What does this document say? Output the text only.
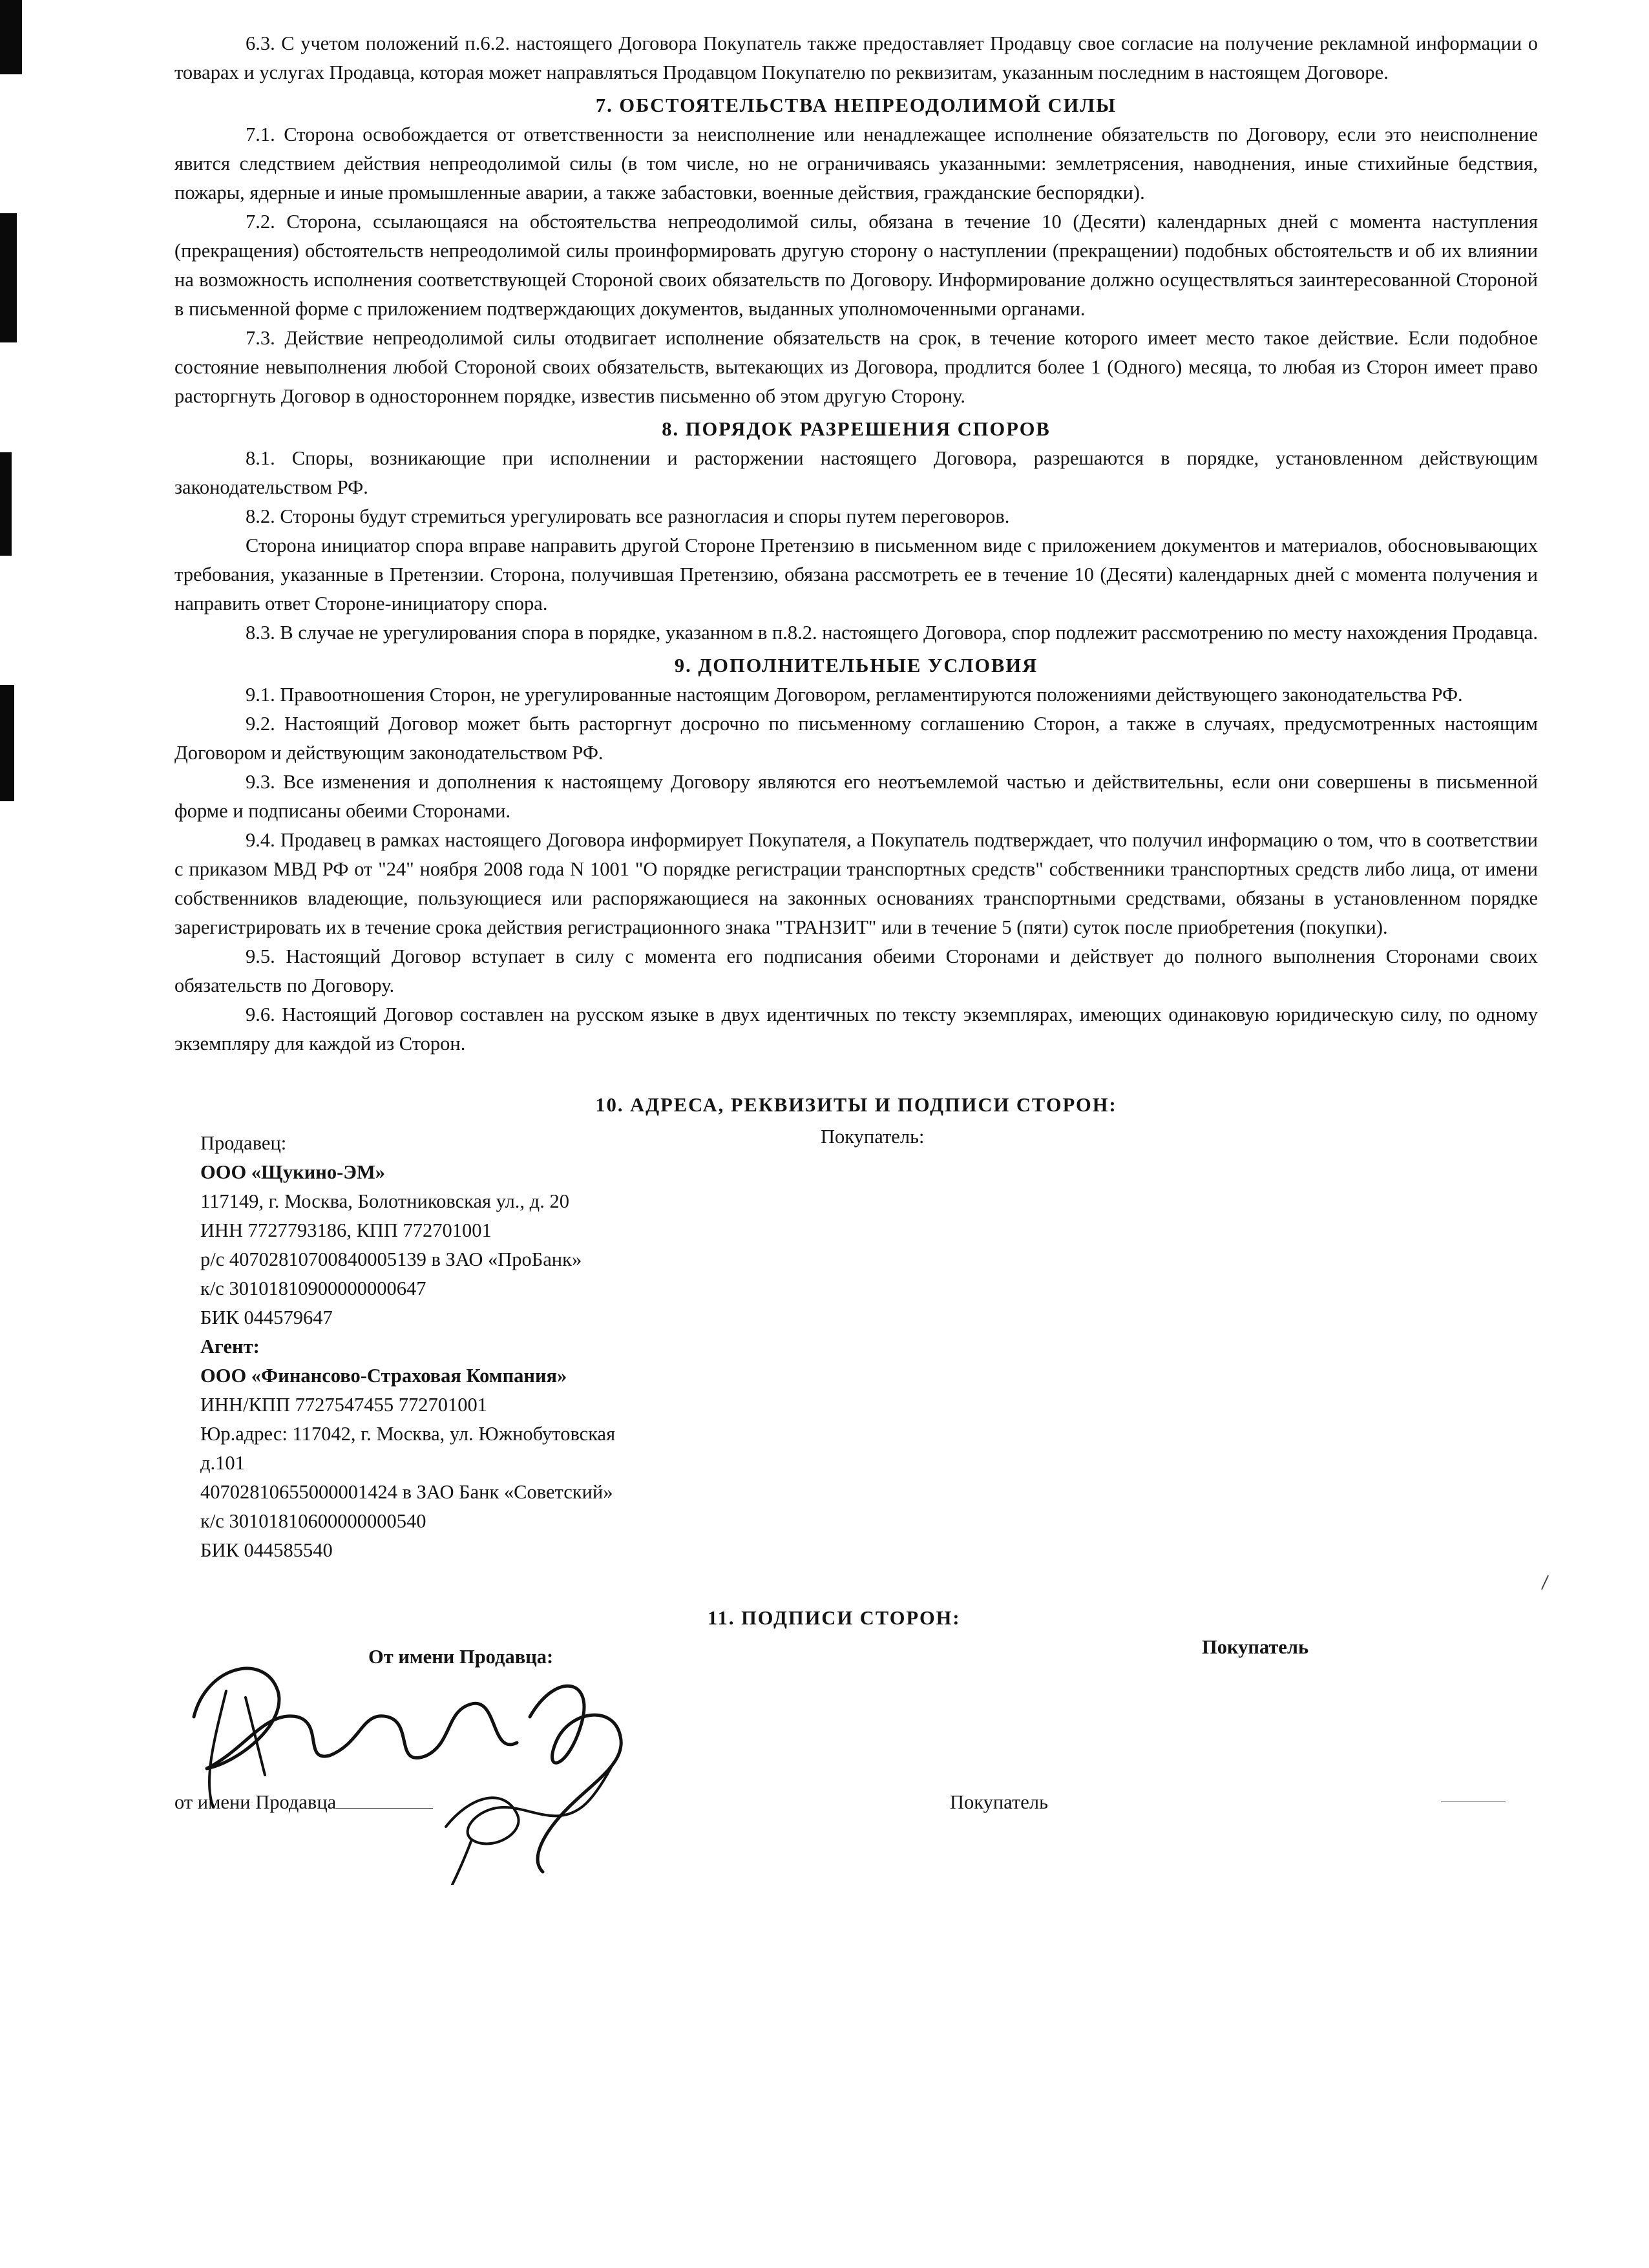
6.3. С учетом положений п.6.2. настоящего Договора Покупатель также предоставляет Продавцу свое согласие на получение рекламной информации о товарах и услугах Продавца, которая может направляться Продавцом Покупателю по реквизитам, указанным последним в настоящем Договоре.

7. ОБСТОЯТЕЛЬСТВА НЕПРЕОДОЛИМОЙ СИЛЫ

7.1. Сторона освобождается от ответственности за неисполнение или ненадлежащее исполнение обязательств по Договору, если это неисполнение явится следствием действия непреодолимой силы (в том числе, но не ограничиваясь указанными: землетрясения, наводнения, иные стихийные бедствия, пожары, ядерные и иные промышленные аварии, а также забастовки, военные действия, гражданские беспорядки).

7.2. Сторона, ссылающаяся на обстоятельства непреодолимой силы, обязана в течение 10 (Десяти) календарных дней с момента наступления (прекращения) обстоятельств непреодолимой силы проинформировать другую сторону о наступлении (прекращении) подобных обстоятельств и об их влиянии на возможность исполнения соответствующей Стороной своих обязательств по Договору. Информирование должно осуществляться заинтересованной Стороной в письменной форме с приложением подтверждающих документов, выданных уполномоченными органами.

7.3. Действие непреодолимой силы отодвигает исполнение обязательств на срок, в течение которого имеет место такое действие. Если подобное состояние невыполнения любой Стороной своих обязательств, вытекающих из Договора, продлится более 1 (Одного) месяца, то любая из Сторон имеет право расторгнуть Договор в одностороннем порядке, известив письменно об этом другую Сторону.

8. ПОРЯДОК РАЗРЕШЕНИЯ СПОРОВ

8.1. Споры, возникающие при исполнении и расторжении настоящего Договора, разрешаются в порядке, установленном действующим законодательством РФ.

8.2. Стороны будут стремиться урегулировать все разногласия и споры путем переговоров.

Сторона инициатор спора вправе направить другой Стороне Претензию в письменном виде с приложением документов и материалов, обосновывающих требования, указанные в Претензии. Сторона, получившая Претензию, обязана рассмотреть ее в течение 10 (Десяти) календарных дней с момента получения и направить ответ Стороне-инициатору спора.

8.3. В случае не урегулирования спора в порядке, указанном в п.8.2. настоящего Договора, спор подлежит рассмотрению по месту нахождения Продавца.

9. ДОПОЛНИТЕЛЬНЫЕ УСЛОВИЯ

9.1. Правоотношения Сторон, не урегулированные настоящим Договором, регламентируются положениями действующего законодательства РФ.

9.2. Настоящий Договор может быть расторгнут досрочно по письменному соглашению Сторон, а также в случаях, предусмотренных настоящим Договором и действующим законодательством РФ.

9.3. Все изменения и дополнения к настоящему Договору являются его неотъемлемой частью и действительны, если они совершены в письменной форме и подписаны обеими Сторонами.

9.4. Продавец в рамках настоящего Договора информирует Покупателя, а Покупатель подтверждает, что получил информацию о том, что в соответствии с приказом МВД РФ от "24" ноября 2008 года N 1001 "О порядке регистрации транспортных средств" собственники транспортных средств либо лица, от имени собственников владеющие, пользующиеся или распоряжающиеся на законных основаниях транспортными средствами, обязаны в установленном порядке зарегистрировать их в течение срока действия регистрационного знака "ТРАНЗИТ" или в течение 5 (пяти) суток после приобретения (покупки).

9.5. Настоящий Договор вступает в силу с момента его подписания обеими Сторонами и действует до полного выполнения Сторонами своих обязательств по Договору.

9.6. Настоящий Договор составлен на русском языке в двух идентичных по тексту экземплярах, имеющих одинаковую юридическую силу, по одному экземпляру для каждой из Сторон.

10. АДРЕСА, РЕКВИЗИТЫ И ПОДПИСИ СТОРОН:

Покупатель:

Продавец:

ООО «Щукино-ЭМ»

117149, г. Москва, Болотниковская ул., д. 20

ИНН 7727793186, КПП 772701001

р/с 40702810700840005139 в ЗАО «ПроБанк»

к/с 30101810900000000647

БИК 044579647

Агент:

ООО «Финансово-Страховая Компания»

ИНН/КПП 7727547455 772701001

Юр.адрес: 117042, г. Москва, ул. Южнобутовская

д.101

40702810655000001424 в ЗАО Банк «Советский»

к/с 30101810600000000540

БИК 044585540

11. ПОДПИСИ СТОРОН:
От имени Продавца:	Покупатель
от имени Продавца	Покупатель
